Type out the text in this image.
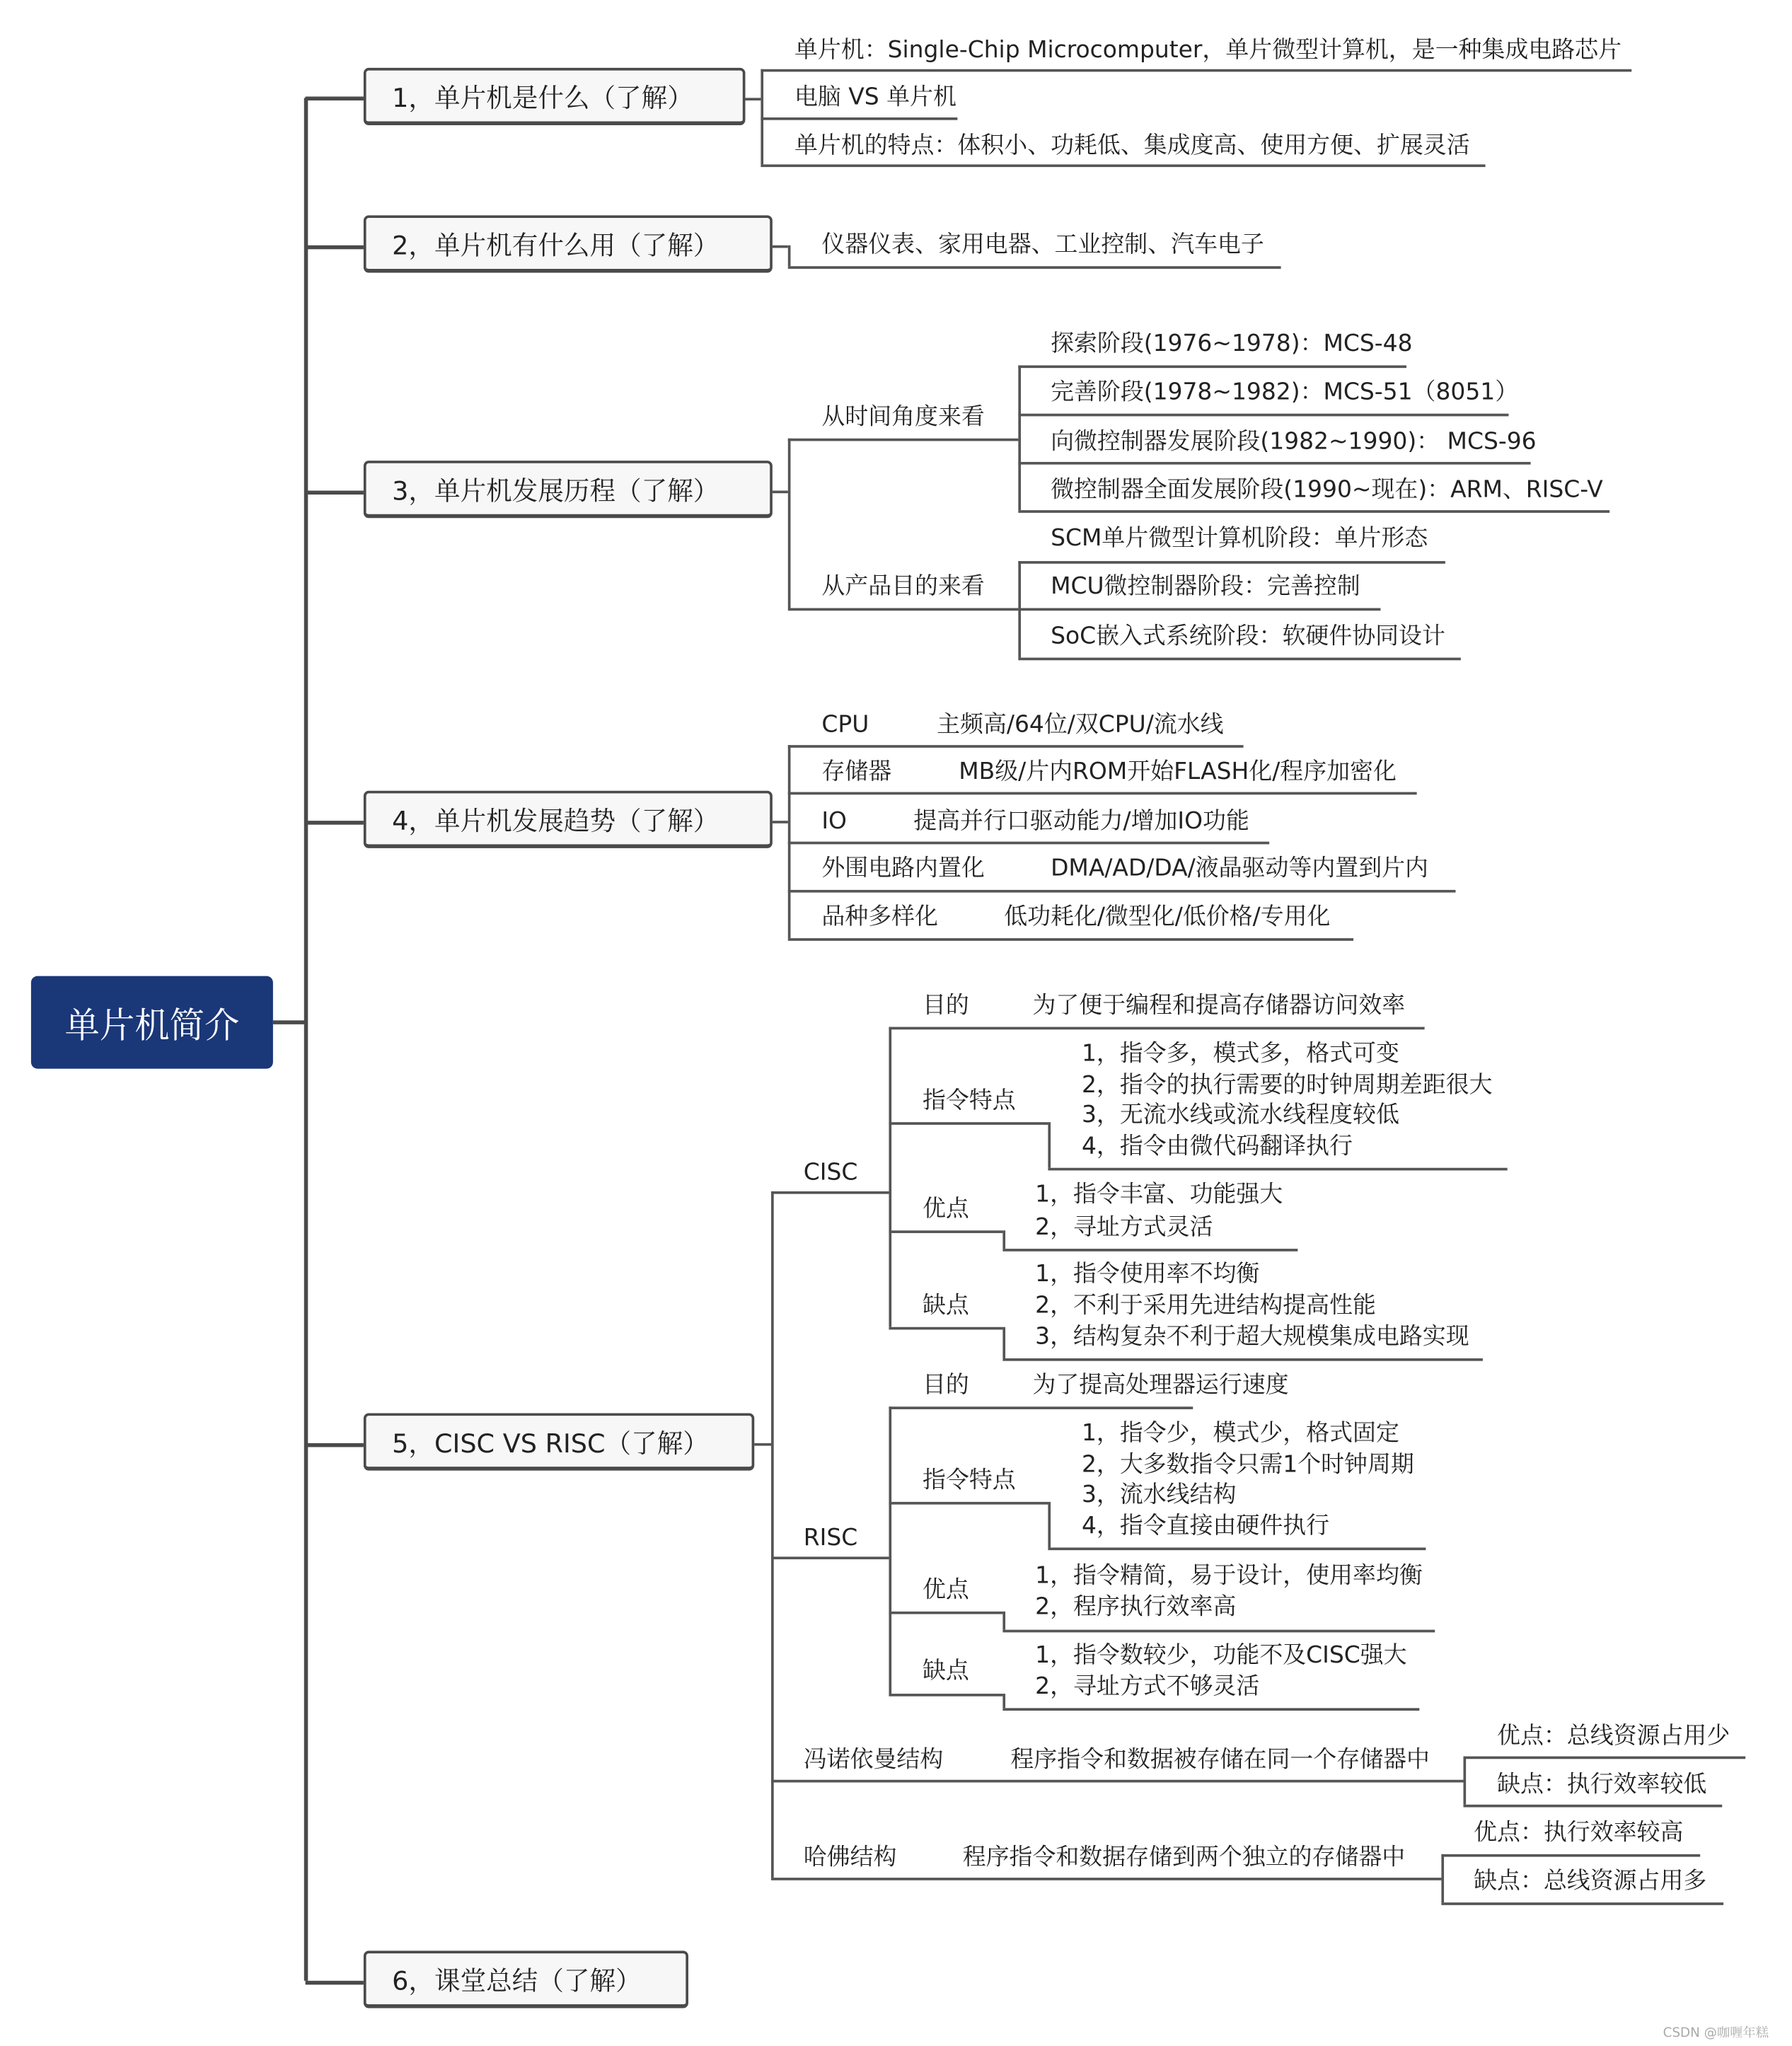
单片机简介
1，单片机是什么（了解）
单片机：Single-Chip Microcomputer，单片微型计算机，是一种集成电路芯片
电脑 VS 单片机
单片机的特点：体积小、功耗低、集成度高、使用方便、扩展灵活
2，单片机有什么用（了解）	仪器仪表、家用电器、工业控制、汽车电子
3，单片机发展历程（了解）
从时间角度来看
从产品目的来看
探索阶段(1976~1978)：MCS-48
完善阶段(1978~1982)：MCS-51（8051）
向微控制器发展阶段(1982~1990)： MCS-96
微控制器全面发展阶段(1990~现在)：ARM、RISC-V
SCM单片微型计算机阶段：单片形态
MCU微控制器阶段：完善控制
SoC嵌入式系统阶段：软硬件协同设计
4，单片机发展趋势（了解）
CPU	主频高/64位/双CPU/流水线
存储器	MB级/片内ROM开始FLASH化/程序加密化
IO	提高并行口驱动能力/增加IO功能
外围电路内置化	DMA/AD/DA/液晶驱动等内置到片内
品种多样化	低功耗化/微型化/低价格/专用化
5，CISC VS RISC（了解）
CISC
目的	为了便于编程和提高存储器访问效率
指令特点
1，指令多，模式多，格式可变
2，指令的执行需要的时钟周期差距很大
3，无流水线或流水线程度较低
4，指令由微代码翻译执行
优点
1，指令丰富、功能强大
2，寻址方式灵活
缺点
1，指令使用率不均衡
2，不利于采用先进结构提高性能
3，结构复杂不利于超大规模集成电路实现
RISC
目的	为了提高处理器运行速度
指令特点
1，指令少，模式少，格式固定
2，大多数指令只需1个时钟周期
3，流水线结构
4，指令直接由硬件执行
优点
1，指令精简，易于设计，使用率均衡
2，程序执行效率高
缺点
1，指令数较少，功能不及CISC强大
2，寻址方式不够灵活
冯诺依曼结构	程序指令和数据被存储在同一个存储器中
优点：总线资源占用少
缺点：执行效率较低
哈佛结构	程序指令和数据存储到两个独立的存储器中
优点：执行效率较高
缺点：总线资源占用多
6，课堂总结（了解）
CSDN @咖喱年糕
